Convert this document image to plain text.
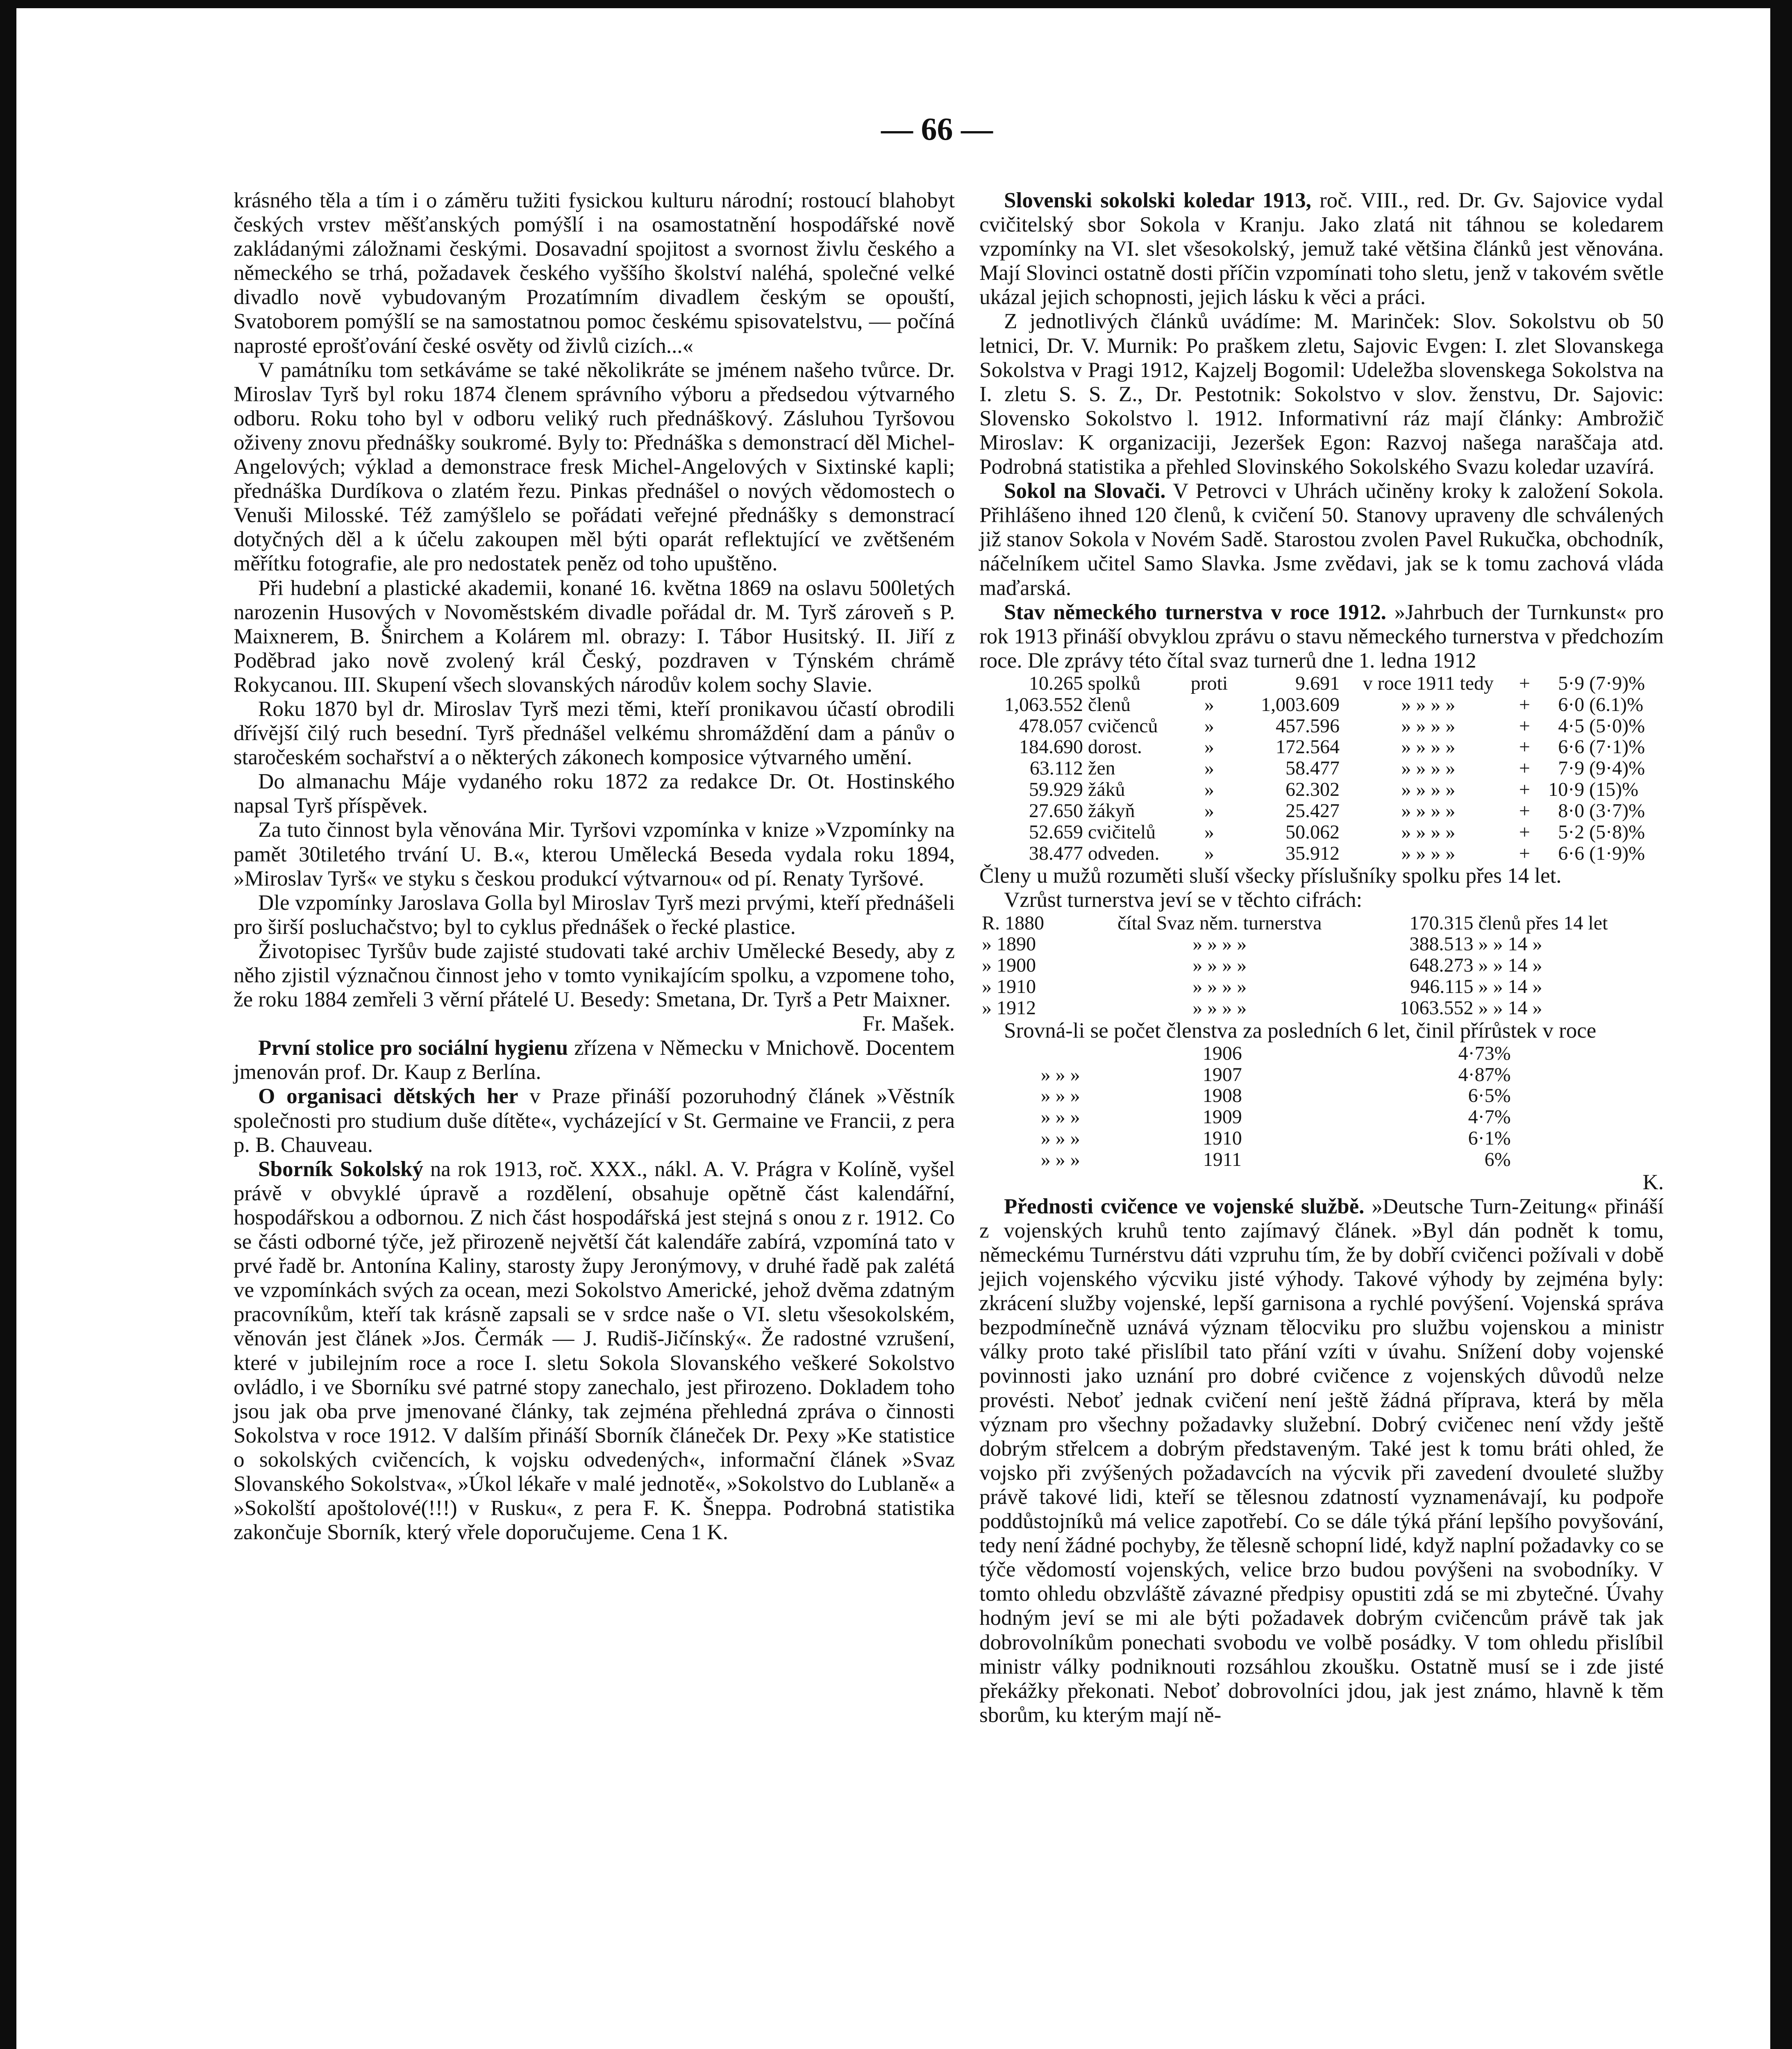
— 66 —

krásného těla a tím i o záměru tužiti fysickou kulturu národní; rostoucí blahobyt českých vrstev měšťanských pomýšlí i na osamostatnění hospodářské nově zakládanými záložnami českými. Dosavadní spojitost a svornost živlu českého a německého se trhá, požadavek českého vyššího školství naléhá, společné velké divadlo nově vybudovaným Prozatímním divadlem českým se opouští, Svatoborem pomýšlí se na samostatnou pomoc českému spisovatelstvu, — počíná naprosté eprošťování české osvěty od živlů cizích...«

V památníku tom setkáváme se také několikráte se jménem našeho tvůrce. Dr. Miroslav Tyrš byl roku 1874 členem správního výboru a předsedou výtvarného odboru. Roku toho byl v odboru veliký ruch přednáškový. Zásluhou Tyršovou oživeny znovu přednášky soukromé. Byly to: Přednáška s demonstrací děl Michel-Angelových; výklad a demonstrace fresk Michel-Angelových v Sixtinské kapli; přednáška Durdíkova o zlatém řezu. Pinkas přednášel o nových vědomostech o Venuši Milosské. Též zamýšlelo se pořádati veřejné přednášky s demonstrací dotyčných děl a k účelu zakoupen měl býti oparát reflektující ve zvětšeném měřítku fotografie, ale pro nedostatek peněz od toho upuštěno.

Při hudební a plastické akademii, konané 16. května 1869 na oslavu 500letých narozenin Husových v Novoměstském divadle pořádal dr. M. Tyrš zároveň s P. Maixnerem, B. Šnirchem a Kolárem ml. obrazy: I. Tábor Husitský. II. Jiří z Poděbrad jako nově zvolený král Český, pozdraven v Týnském chrámě Rokycanou. III. Skupení všech slovanských národův kolem sochy Slavie.

Roku 1870 byl dr. Miroslav Tyrš mezi těmi, kteří pronikavou účastí obrodili dřívější čilý ruch besední. Tyrš přednášel velkému shromáždění dam a pánův o staročeském sochařství a o některých zákonech komposice výtvarného umění.

Do almanachu Máje vydaného roku 1872 za redakce Dr. Ot. Hostinského napsal Tyrš příspěvek.

Za tuto činnost byla věnována Mir. Tyršovi vzpomínka v knize »Vzpomínky na pamět 30tiletého trvání U. B.«, kterou Umělecká Beseda vydala roku 1894, »Miroslav Tyrš« ve styku s českou produkcí výtvarnou« od pí. Renaty Tyršové.

Dle vzpomínky Jaroslava Golla byl Miroslav Tyrš mezi prvými, kteří přednášeli pro širší posluchačstvo; byl to cyklus přednášek o řecké plastice.

Životopisec Tyršův bude zajisté studovati také archiv Umělecké Besedy, aby z něho zjistil význačnou činnost jeho v tomto vynikajícím spolku, a vzpomene toho, že roku 1884 zemřeli 3 věrní přátelé U. Besedy: Smetana, Dr. Tyrš a Petr Maixner.

Fr. Mašek.

První stolice pro sociální hygienu zřízena v Německu v Mnichově. Docentem jmenován prof. Dr. Kaup z Berlína.

O organisaci dětských her v Praze přináší pozoruhodný článek »Věstník společnosti pro studium duše dítěte«, vycházející v St. Germaine ve Francii, z pera p. B. Chauveau.

Sborník Sokolský na rok 1913, roč. XXX., nákl. A. V. Prágra v Kolíně, vyšel právě v obvyklé úpravě a rozdělení, obsahuje opětně část kalendářní, hospodářskou a odbornou. Z nich část hospodářská jest stejná s onou z r. 1912. Co se části odborné týče, jež přirozeně největší čát kalendáře zabírá, vzpomíná tato v prvé řadě br. Antonína Kaliny, starosty župy Jeronýmovy, v druhé řadě pak zalétá ve vzpomínkách svých za ocean, mezi Sokolstvo Americké, jehož dvěma zdatným pracovníkům, kteří tak krásně zapsali se v srdce naše o VI. sletu všesokolském, věnován jest článek »Jos. Čermák — J. Rudiš-Jičínský«. Že radostné vzrušení, které v jubilejním roce a roce I. sletu Sokola Slovanského veškeré Sokolstvo ovládlo, i ve Sborníku své patrné stopy zanechalo, jest přirozeno. Dokladem toho jsou jak oba prve jmenované články, tak zejména přehledná zpráva o činnosti Sokolstva v roce 1912. V dalším přináší Sborník článeček Dr. Pexy »Ke statistice o sokolských cvičencích, k vojsku odvedených«, informační článek »Svaz Slovanského Sokolstva«, »Úkol lékaře v malé jednotě«, »Sokolstvo do Lublaně« a »Sokolští apoštolové(!!!) v Rusku«, z pera F. K. Šneppa. Podrobná statistika zakončuje Sborník, který vřele doporučujeme. Cena 1 K.

Slovenski sokolski koledar 1913, roč. VIII., red. Dr. Gv. Sajovice vydal cvičitelský sbor Sokola v Kranju. Jako zlatá nit táhnou se koledarem vzpomínky na VI. slet všesokolský, jemuž také většina článků jest věnována. Mají Slovinci ostatně dosti příčin vzpomínati toho sletu, jenž v takovém světle ukázal jejich schopnosti, jejich lásku k věci a práci.

Z jednotlivých článků uvádíme: M. Marinček: Slov. Sokolstvu ob 50 letnici, Dr. V. Murnik: Po praškem zletu, Sajovic Evgen: I. zlet Slovanskega Sokolstva v Pragi 1912, Kajzelj Bogomil: Udeležba slovenskega Sokolstva na I. zletu S. S. Z., Dr. Pestotnik: Sokolstvo v slov. ženstvu, Dr. Sajovic: Slovensko Sokolstvo l. 1912. Informativní ráz mají články: Ambrožič Miroslav: K organizaciji, Jezeršek Egon: Razvoj našega naraščaja atd. Podrobná statistika a přehled Slovinského Sokolského Svazu koledar uzavírá.

Sokol na Slovači. V Petrovci v Uhrách učiněny kroky k založení Sokola. Přihlášeno ihned 120 členů, k cvičení 50. Stanovy upraveny dle schválených již stanov Sokola v Novém Sadě. Starostou zvolen Pavel Rukučka, obchodník, náčelníkem učitel Samo Slavka. Jsme zvědavi, jak se k tomu zachová vláda maďarská.

Stav německého turnerstva v roce 1912. »Jahrbuch der Turnkunst« pro rok 1913 přináší obvyklou zprávu o stavu německého turnerstva v předchozím roce. Dle zprávy této čítal svaz turnerů dne 1. ledna 1912

10.265	spolků	proti	9.691	v roce 1911 tedy	+	5·9	(7·9)%
1,063.552	členů	»	1,003.609	» » » »	+	6·0	(6.1)%
478.057	cvičenců	»	457.596	» » » »	+	4·5	(5·0)%
184.690	dorost.	»	172.564	» » » »	+	6·6	(7·1)%
63.112	žen	»	58.477	» » » »	+	7·9	(9·4)%
59.929	žáků	»	62.302	» » » »	+	10·9	(15)%
27.650	žákyň	»	25.427	» » » »	+	8·0	(3·7)%
52.659	cvičitelů	»	50.062	» » » »	+	5·2	(5·8)%
38.477	odveden.	»	35.912	» » » »	+	6·6	(1·9)%

Členy u mužů rozuměti sluší všecky příslušníky spolku přes 14 let.

Vzrůst turnerstva jeví se v těchto cifrách:

R. 1880	čítal Svaz něm. turnerstva	170.315	členů přes 14 let
» 1890	» » » »	388.513	» » 14 »
» 1900	» » » »	648.273	» » 14 »
» 1910	» » » »	946.115	» » 14 »
» 1912	» » » »	1063.552	» » 14 »

Srovná-li se počet členstva za posledních 6 let, činil přírůstek v roce

	1906	4·73%
» » »	1907	4·87%
» » »	1908	6·5%
» » »	1909	4·7%
» » »	1910	6·1%
» » »	1911	6%

K.

Přednosti cvičence ve vojenské službě. »Deutsche Turn-Zeitung« přináší z vojenských kruhů tento zajímavý článek. »Byl dán podnět k tomu, německému Turnérstvu dáti vzpruhu tím, že by dobří cvičenci požívali v době jejich vojenského výcviku jisté výhody. Takové výhody by zejména byly: zkrácení služby vojenské, lepší garnisona a rychlé povýšení. Vojenská správa bezpodmínečně uznává význam tělocviku pro službu vojenskou a ministr války proto také přislíbil tato přání vzíti v úvahu. Snížení doby vojenské povinnosti jako uznání pro dobré cvičence z vojenských důvodů nelze provésti. Neboť jednak cvičení není ještě žádná příprava, která by měla význam pro všechny požadavky služební. Dobrý cvičenec není vždy ještě dobrým střelcem a dobrým představeným. Také jest k tomu bráti ohled, že vojsko při zvýšených požadavcích na výcvik při zavedení dvouleté služby právě takové lidi, kteří se tělesnou zdatností vyznamenávají, ku podpoře poddůstojníků má velice zapotřebí. Co se dále týká přání lepšího povyšování, tedy není žádné pochyby, že tělesně schopní lidé, když naplní požadavky co se týče vědomostí vojenských, velice brzo budou povýšeni na svobodníky. V tomto ohledu obzvláště závazné předpisy opustiti zdá se mi zbytečné. Úvahy hodným jeví se mi ale býti požadavek dobrým cvičencům právě tak jak dobrovolníkům ponechati svobodu ve volbě posádky. V tom ohledu přislíbil ministr války podniknouti rozsáhlou zkoušku. Ostatně musí se i zde jisté překážky překonati. Neboť dobrovolníci jdou, jak jest známo, hlavně k těm sborům, ku kterým mají ně-
